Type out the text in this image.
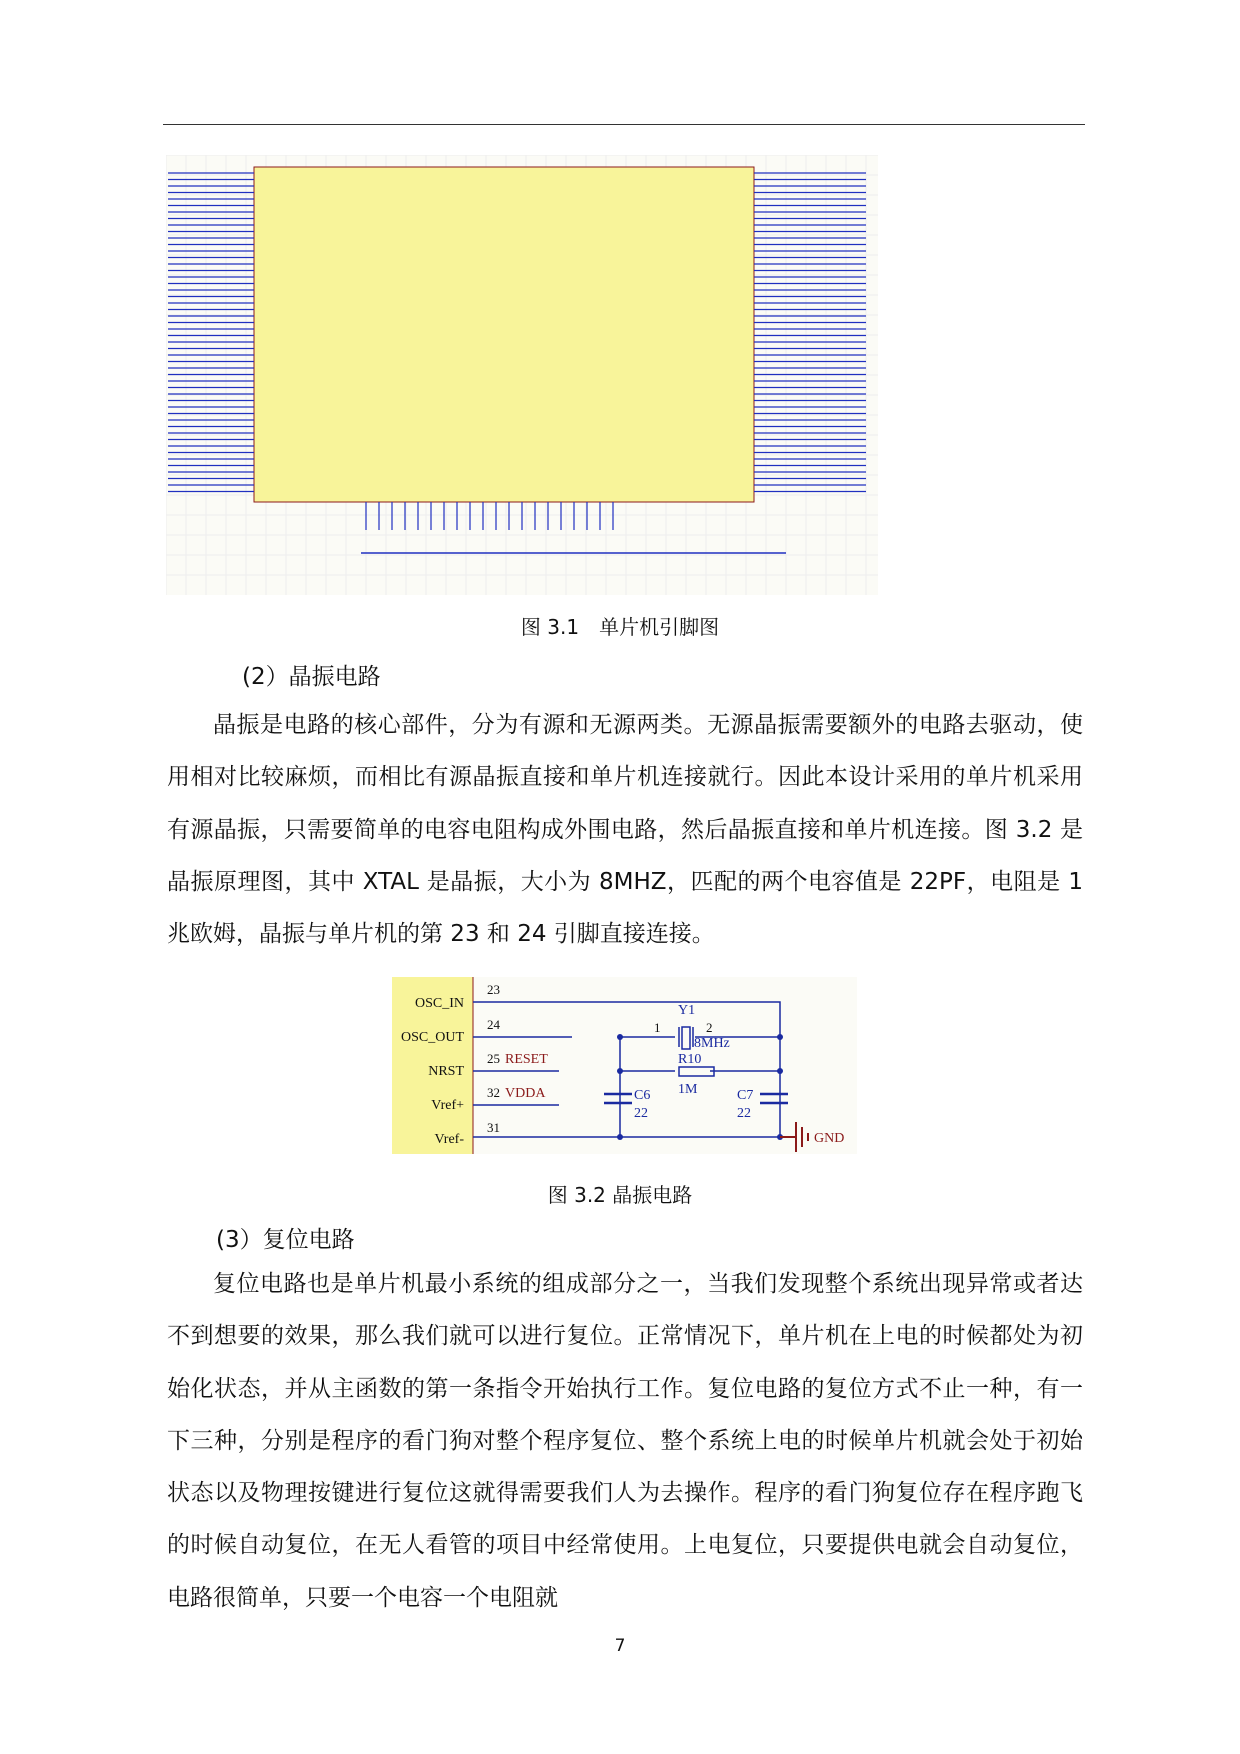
图 3.1　单片机引脚图
(2）晶振电路
晶振是电路的核心部件，分为有源和无源两类。无源晶振需要额外的电路去驱动，使用相对比较麻烦，而相比有源晶振直接和单片机连接就行。因此本设计采用的单片机采用有源晶振，只需要简单的电容电阻构成外围电路，然后晶振直接和单片机连接。图 3.2 是晶振原理图，其中 XTAL 是晶振，大小为 8MHZ，匹配的两个电容值是 22PF，电阻是 1 兆欧姆，晶振与单片机的第 23 和 24 引脚直接连接。
OSC_IN
OSC_OUT
NRST
Vref+
Vref-
23
24
25
32
31
RESET
VDDA
GND
Y1
8MHz
R10
1M
C6
22
C7
22
1	2
图 3.2 晶振电路
(3）复位电路
复位电路也是单片机最小系统的组成部分之一，当我们发现整个系统出现异常或者达不到想要的效果，那么我们就可以进行复位。正常情况下，单片机在上电的时候都处为初始化状态，并从主函数的第一条指令开始执行工作。复位电路的复位方式不止一种，有一下三种，分别是程序的看门狗对整个程序复位、整个系统上电的时候单片机就会处于初始状态以及物理按键进行复位这就得需要我们人为去操作。程序的看门狗复位存在程序跑飞的时候自动复位，在无人看管的项目中经常使用。上电复位，只要提供电就会自动复位，电路很简单，只要一个电容一个电阻就
7
